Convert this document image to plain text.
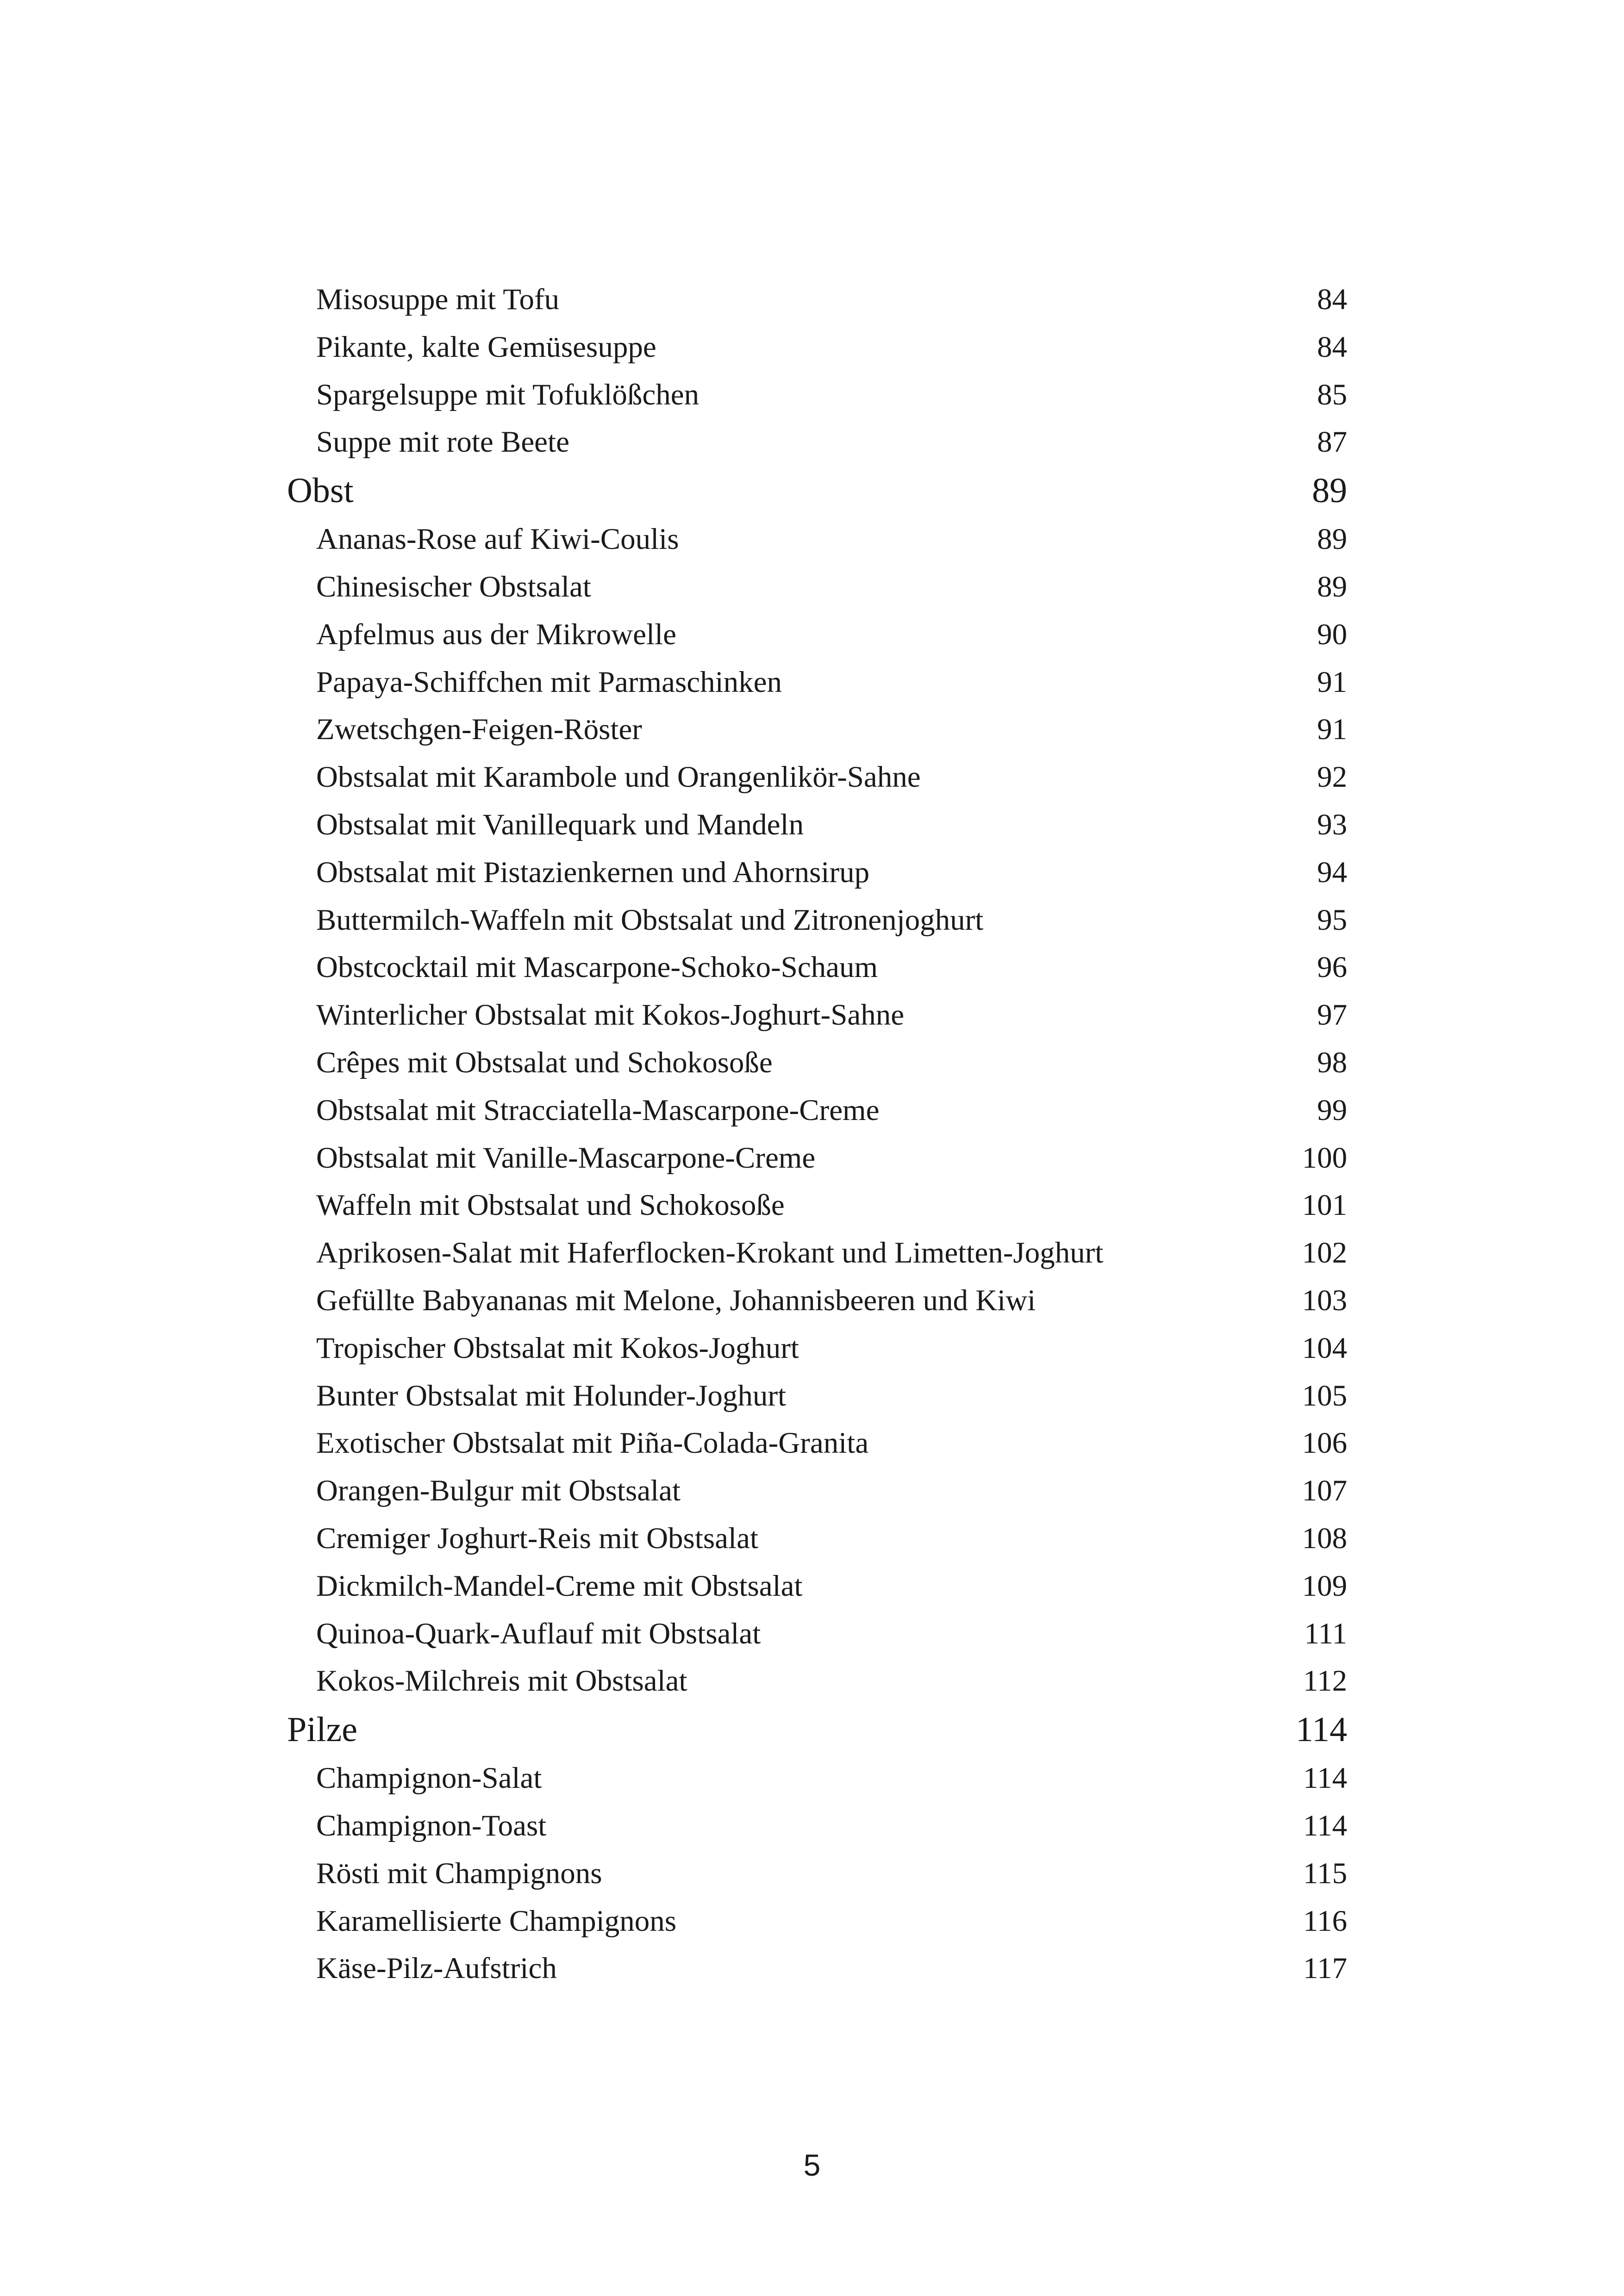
Misosuppe mit Tofu	84
Pikante, kalte Gemüsesuppe	84
Spargelsuppe mit Tofuklößchen	85
Suppe mit rote Beete	87
Obst	89
Ananas-Rose auf Kiwi-Coulis	89
Chinesischer Obstsalat	89
Apfelmus aus der Mikrowelle	90
Papaya-Schiffchen mit Parmaschinken	91
Zwetschgen-Feigen-Röster	91
Obstsalat mit Karambole und Orangenlikör-Sahne	92
Obstsalat mit Vanillequark und Mandeln	93
Obstsalat mit Pistazienkernen und Ahornsirup	94
Buttermilch-Waffeln mit Obstsalat und Zitronenjoghurt	95
Obstcocktail mit Mascarpone-Schoko-Schaum	96
Winterlicher Obstsalat mit Kokos-Joghurt-Sahne	97
Crêpes mit Obstsalat und Schokosoße	98
Obstsalat mit Stracciatella-Mascarpone-Creme	99
Obstsalat mit Vanille-Mascarpone-Creme	100
Waffeln mit Obstsalat und Schokosoße	101
Aprikosen-Salat mit Haferflocken-Krokant und Limetten-Joghurt	102
Gefüllte Babyananas mit Melone, Johannisbeeren und Kiwi	103
Tropischer Obstsalat mit Kokos-Joghurt	104
Bunter Obstsalat mit Holunder-Joghurt	105
Exotischer Obstsalat mit Piña-Colada-Granita	106
Orangen-Bulgur mit Obstsalat	107
Cremiger Joghurt-Reis mit Obstsalat	108
Dickmilch-Mandel-Creme mit Obstsalat	109
Quinoa-Quark-Auflauf mit Obstsalat	111
Kokos-Milchreis mit Obstsalat	112
Pilze	114
Champignon-Salat	114
Champignon-Toast	114
Rösti mit Champignons	115
Karamellisierte Champignons	116
Käse-Pilz-Aufstrich	117
5
